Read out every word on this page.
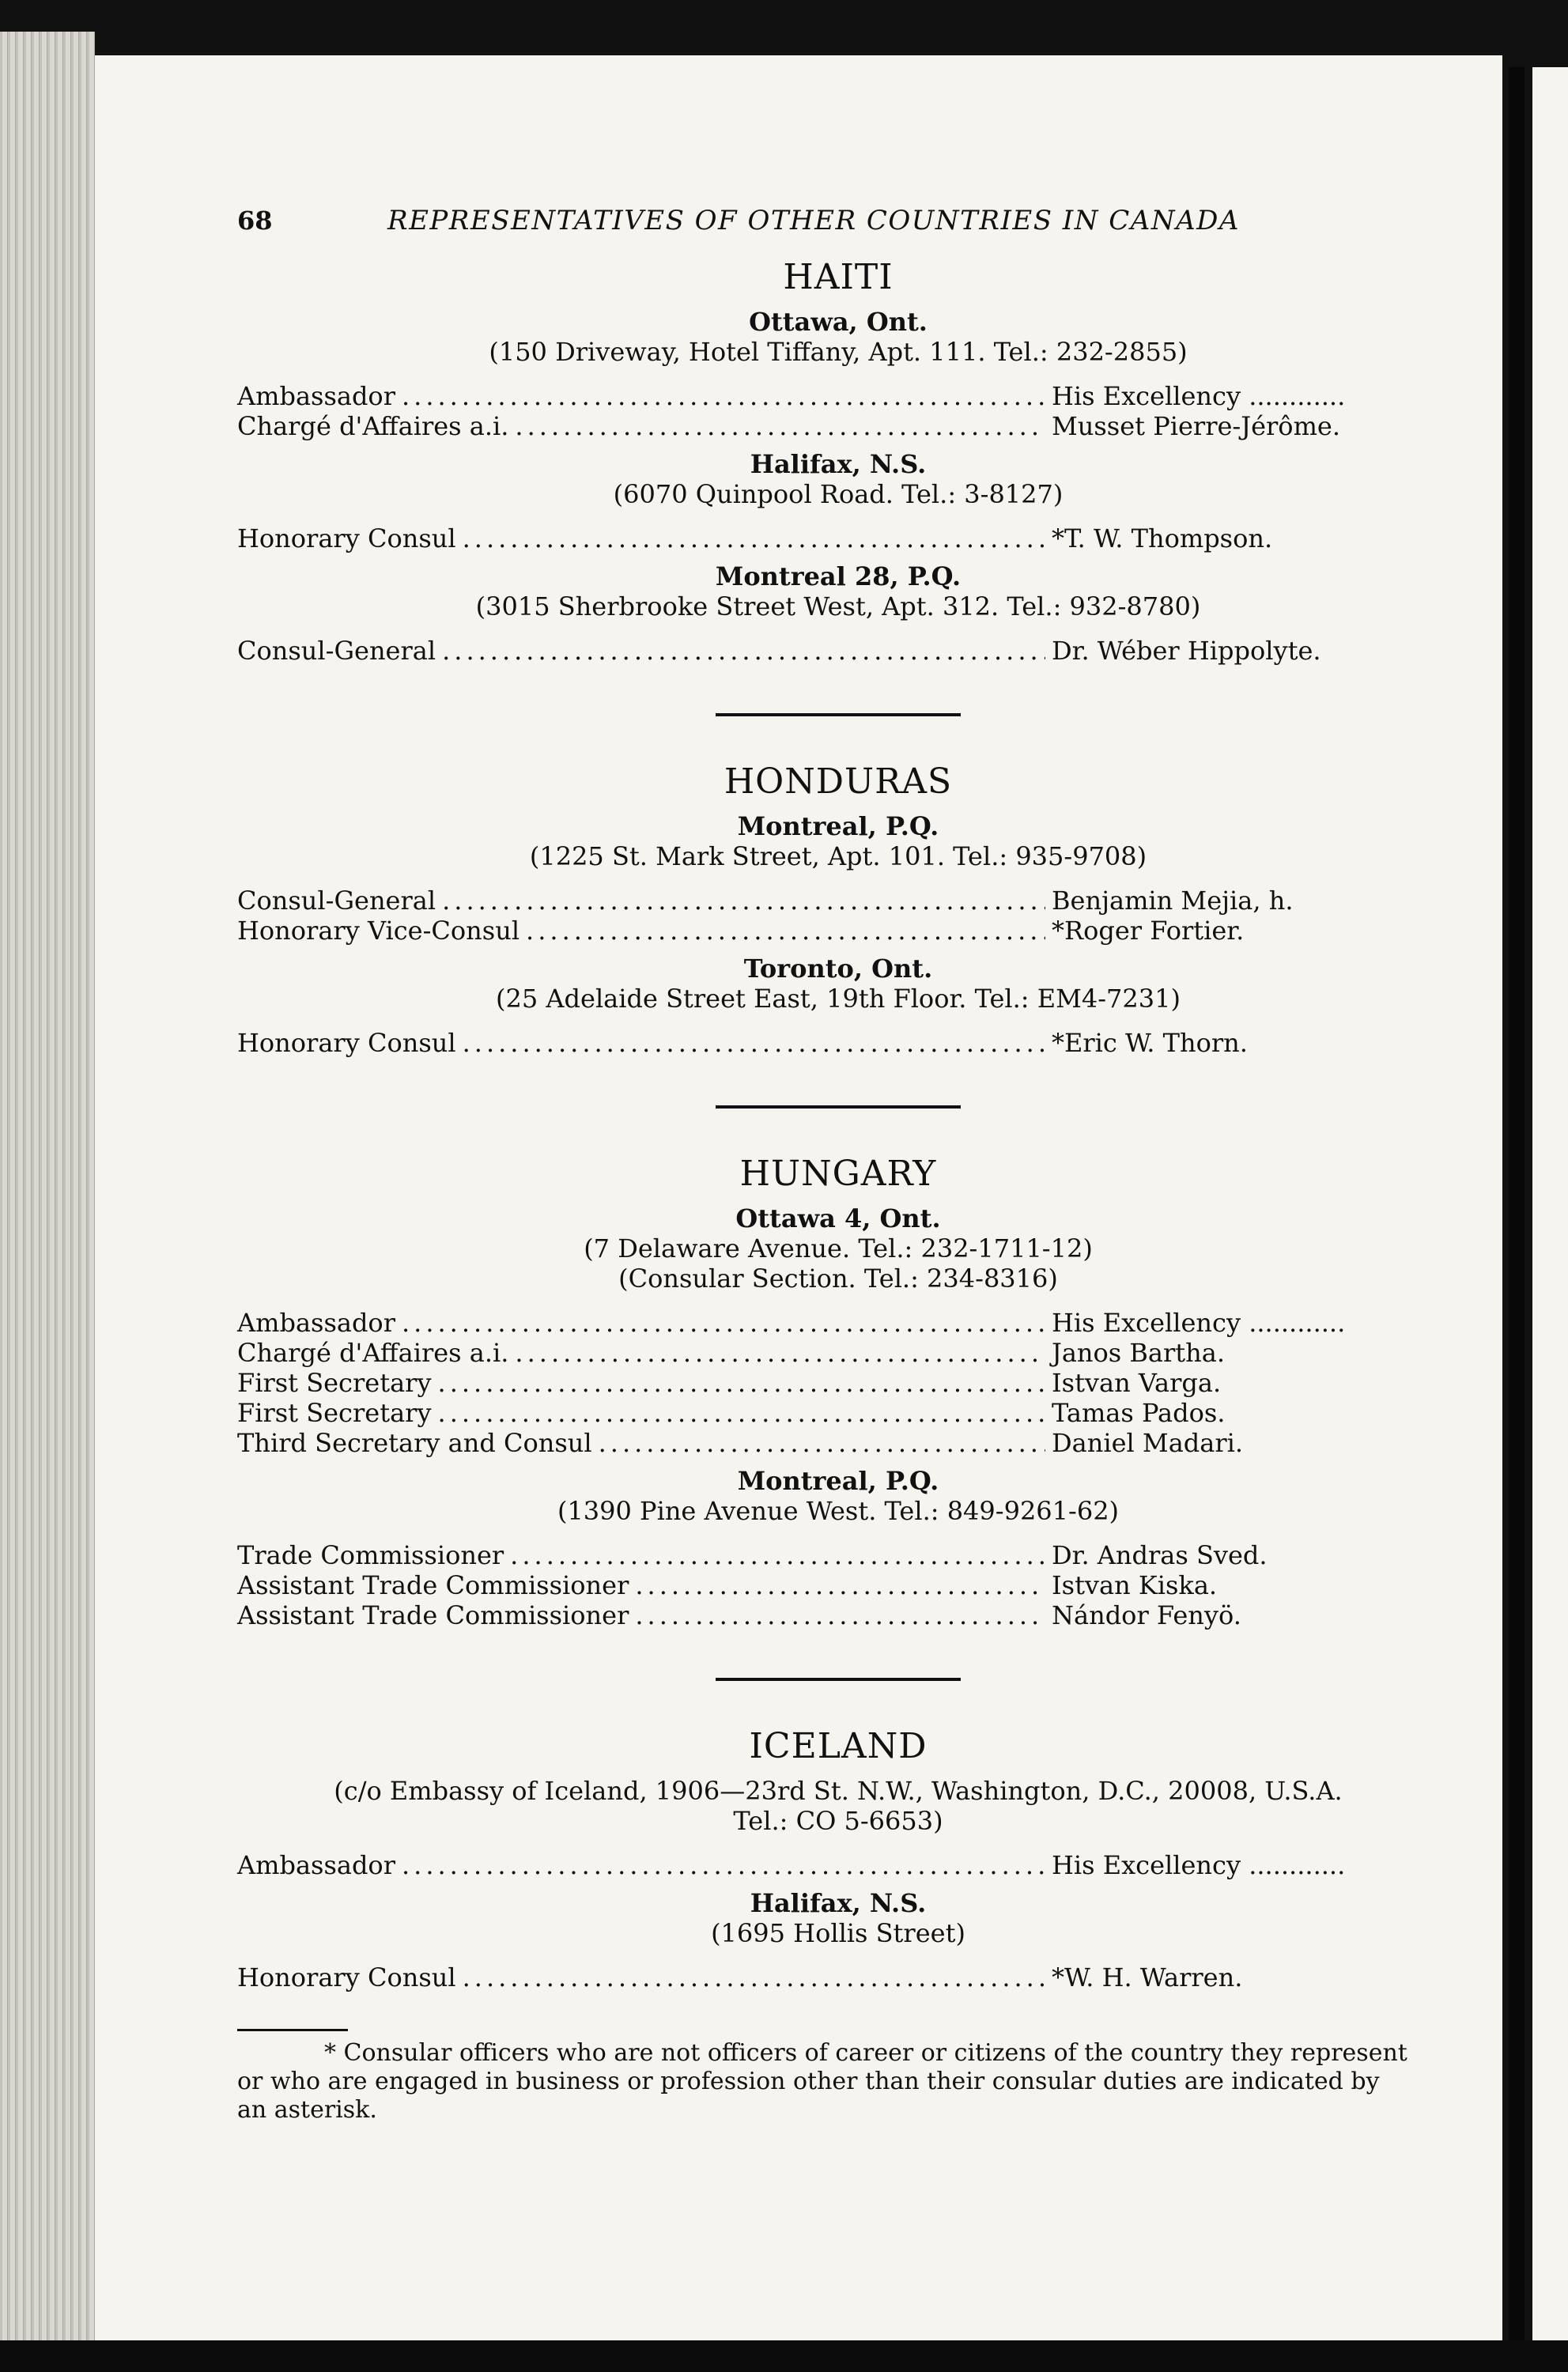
68	REPRESENTATIVES OF OTHER COUNTRIES IN CANADA
HAITI
Ottawa, Ont.
(150 Driveway, Hotel Tiffany, Apt. 111. Tel.: 232-2855)
Ambassador .....	His Excellency ............
Chargé d'Affaires a.i. .....	Musset Pierre-Jérôme.
Halifax, N.S.
(6070 Quinpool Road. Tel.: 3-8127)
Honorary Consul .....	*T. W. Thompson.
Montreal 28, P.Q.
(3015 Sherbrooke Street West, Apt. 312. Tel.: 932-8780)
Consul-General .....	Dr. Wéber Hippolyte.
HONDURAS
Montreal, P.Q.
(1225 St. Mark Street, Apt. 101. Tel.: 935-9708)
Consul-General .....	Benjamin Mejia, h.
Honorary Vice-Consul .....	*Roger Fortier.
Toronto, Ont.
(25 Adelaide Street East, 19th Floor. Tel.: EM4-7231)
Honorary Consul .....	*Eric W. Thorn.
HUNGARY
Ottawa 4, Ont.
(7 Delaware Avenue. Tel.: 232-1711-12)
(Consular Section. Tel.: 234-8316)
Ambassador .....	His Excellency ............
Chargé d'Affaires a.i. .....	Janos Bartha.
First Secretary .....	Istvan Varga.
First Secretary .....	Tamas Pados.
Third Secretary and Consul .....	Daniel Madari.
Montreal, P.Q.
(1390 Pine Avenue West. Tel.: 849-9261-62)
Trade Commissioner .....	Dr. Andras Sved.
Assistant Trade Commissioner .....	Istvan Kiska.
Assistant Trade Commissioner .....	Nándor Fenyö.
ICELAND
(c/o Embassy of Iceland, 1906—23rd St. N.W., Washington, D.C., 20008, U.S.A.
Tel.: CO 5-6653)
Ambassador .....	His Excellency ............
Halifax, N.S.
(1695 Hollis Street)
Honorary Consul .....	*W. H. Warren.
* Consular officers who are not officers of career or citizens of the country they represent or who are engaged in business or profession other than their consular duties are indicated by an asterisk.
